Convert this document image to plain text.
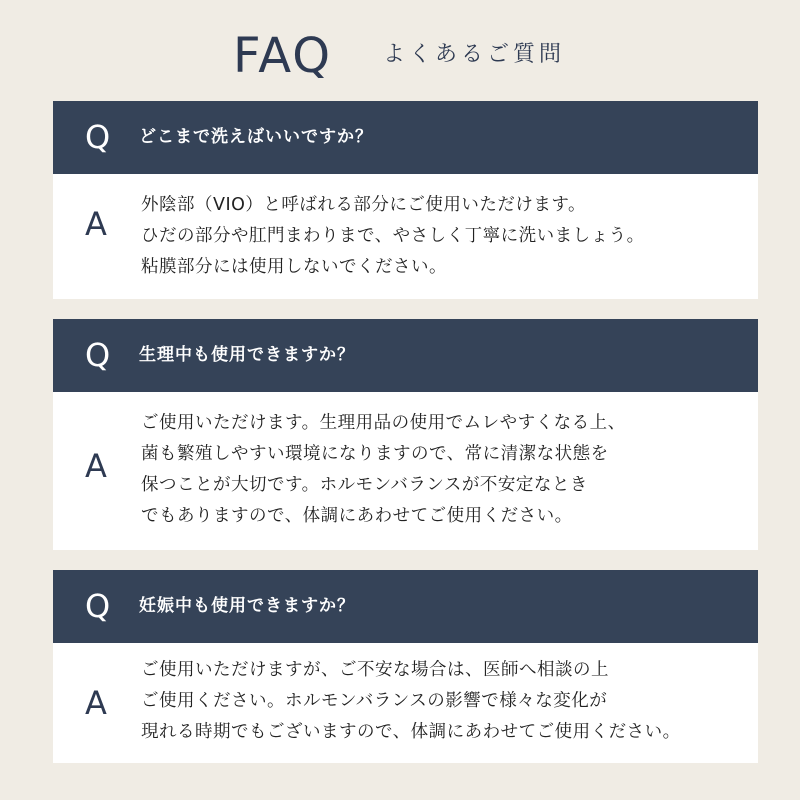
FAQ よくあるご質問
Q どこまで洗えばいいですか？
A 外陰部（VIO）と呼ばれる部分にご使用いただけます。
ひだの部分や肛門まわりまで、やさしく丁寧に洗いましょう。
粘膜部分には使用しないでください。
Q 生理中も使用できますか？
A
ご使用いただけます。生理用品の使用でムレやすくなる上、
菌も繁殖しやすい環境になりますので、常に清潔な状態を
保つことが大切です。ホルモンバランスが不安定なとき
でもありますので、体調にあわせてご使用ください。
Q 妊娠中も使用できますか？
A
ご使用いただけますが、ご不安な場合は、医師へ相談の上
ご使用ください。ホルモンバランスの影響で様々な変化が
現れる時期でもございますので、体調にあわせてご使用ください。
